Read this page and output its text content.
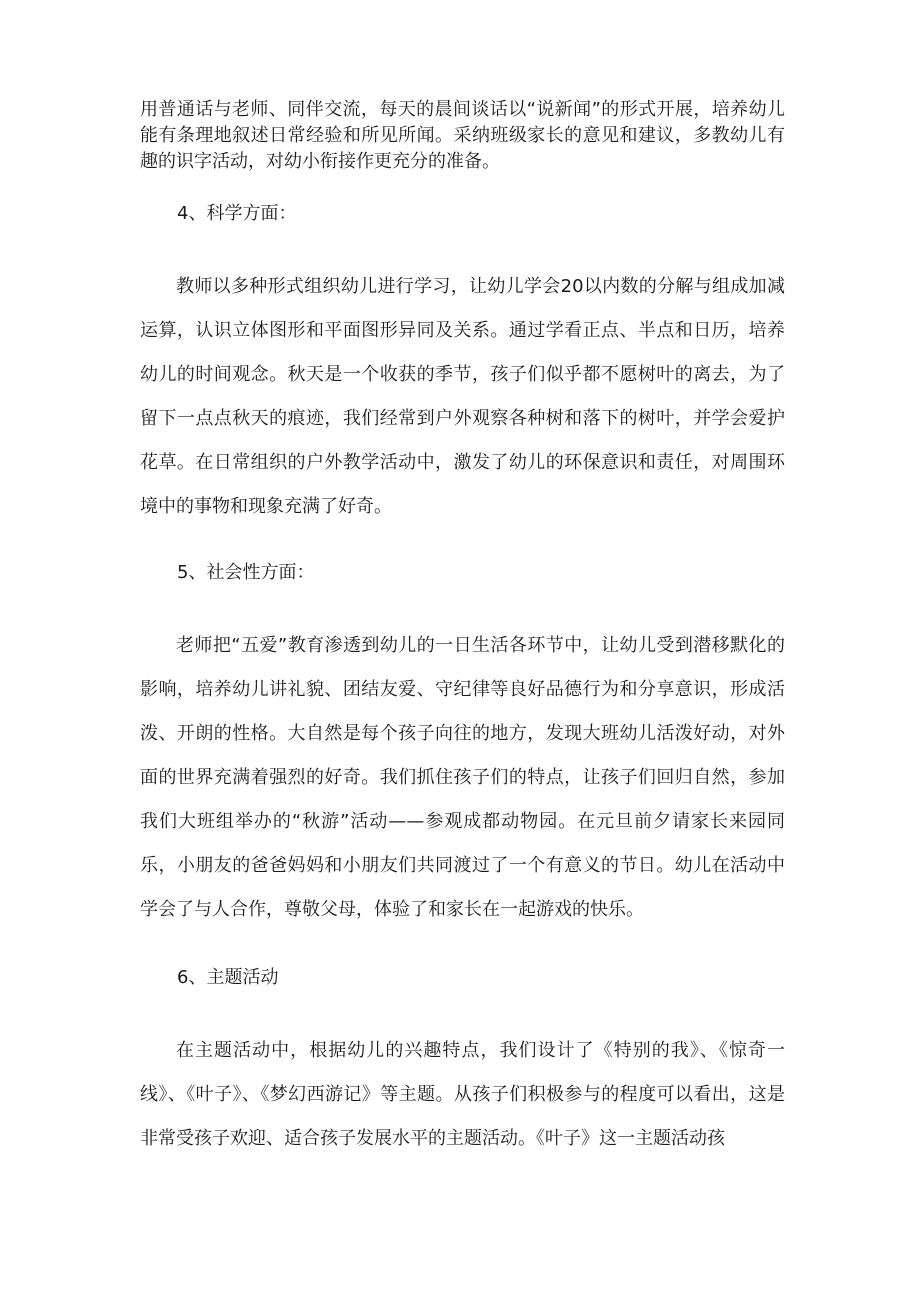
用普通话与老师、同伴交流，每天的晨间谈话以“说新闻”的形式开展，培养幼儿能有条理地叙述日常经验和所见所闻。采纳班级家长的意见和建议，多教幼儿有趣的识字活动，对幼小衔接作更充分的准备。

4、科学方面：

教师以多种形式组织幼儿进行学习，让幼儿学会20以内数的分解与组成加减运算，认识立体图形和平面图形异同及关系。通过学看正点、半点和日历，培养幼儿的时间观念。秋天是一个收获的季节，孩子们似乎都不愿树叶的离去，为了留下一点点秋天的痕迹，我们经常到户外观察各种树和落下的树叶，并学会爱护花草。在日常组织的户外教学活动中，激发了幼儿的环保意识和责任，对周围环境中的事物和现象充满了好奇。

5、社会性方面：

老师把“五爱”教育渗透到幼儿的一日生活各环节中，让幼儿受到潜移默化的影响，培养幼儿讲礼貌、团结友爱、守纪律等良好品德行为和分享意识，形成活泼、开朗的性格。大自然是每个孩子向往的地方，发现大班幼儿活泼好动，对外面的世界充满着强烈的好奇。我们抓住孩子们的特点，让孩子们回归自然，参加我们大班组举办的“秋游”活动——参观成都动物园。在元旦前夕请家长来园同乐，小朋友的爸爸妈妈和小朋友们共同渡过了一个有意义的节日。幼儿在活动中学会了与人合作，尊敬父母，体验了和家长在一起游戏的快乐。

6、主题活动

在主题活动中，根据幼儿的兴趣特点，我们设计了《特别的我》、《惊奇一线》、《叶子》、《梦幻西游记》等主题。从孩子们积极参与的程度可以看出，这是非常受孩子欢迎、适合孩子发展水平的主题活动。《叶子》这一主题活动孩
